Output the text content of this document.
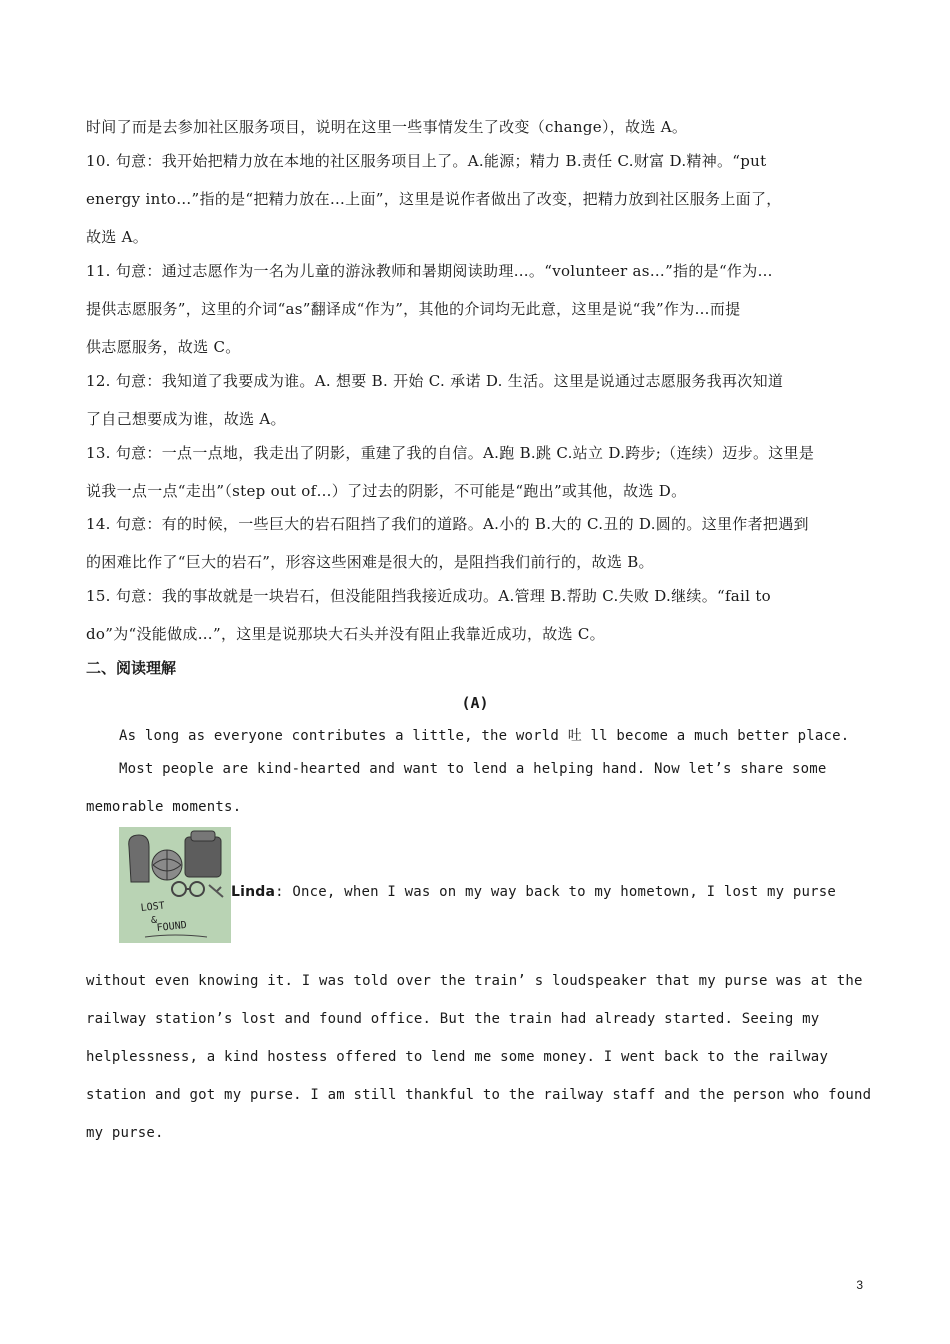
时间了而是去参加社区服务项目，说明在这里一些事情发生了改变（change），故选 A。
10. 句意：我开始把精力放在本地的社区服务项目上了。A.能源；精力 B.责任 C.财富 D.精神。“put
energy into…”指的是“把精力放在…上面”，这里是说作者做出了改变，把精力放到社区服务上面了，
故选 A。
11. 句意：通过志愿作为一名为儿童的游泳教师和暑期阅读助理…。“volunteer as…”指的是“作为…
提供志愿服务”，这里的介词“as”翻译成“作为”，其他的介词均无此意，这里是说“我”作为…而提
供志愿服务，故选 C。
12. 句意：我知道了我要成为谁。A. 想要 B. 开始 C. 承诺 D. 生活。这里是说通过志愿服务我再次知道
了自己想要成为谁，故选 A。
13. 句意：一点一点地，我走出了阴影，重建了我的自信。A.跑 B.跳 C.站立 D.跨步;（连续）迈步。这里是
说我一点一点“走出”（step out of…）了过去的阴影，不可能是“跑出”或其他，故选 D。
14. 句意：有的时候，一些巨大的岩石阻挡了我们的道路。A.小的 B.大的 C.丑的 D.圆的。这里作者把遇到
的困难比作了“巨大的岩石”，形容这些困难是很大的，是阻挡我们前行的，故选 B。
15. 句意：我的事故就是一块岩石，但没能阻挡我接近成功。A.管理 B.帮助 C.失败 D.继续。“fail to
do”为“没能做成…”，这里是说那块大石头并没有阻止我靠近成功，故选 C。
二、阅读理解
(A)
As long as everyone contributes a little, the world 吐 ll become a much better place.
Most people are kind-hearted and want to lend a helping hand. Now let’s share some
memorable moments.
LOST
& FOUND
Linda: Once, when I was on my way back to my hometown, I lost my purse
without even knowing it. I was told over the train’ s loudspeaker that my purse was at the
railway station’s lost and found office. But the train had already started. Seeing my
helplessness, a kind hostess offered to lend me some money. I went back to the railway
station and got my purse. I am still thankful to the railway staff and the person who found
my purse.
3
